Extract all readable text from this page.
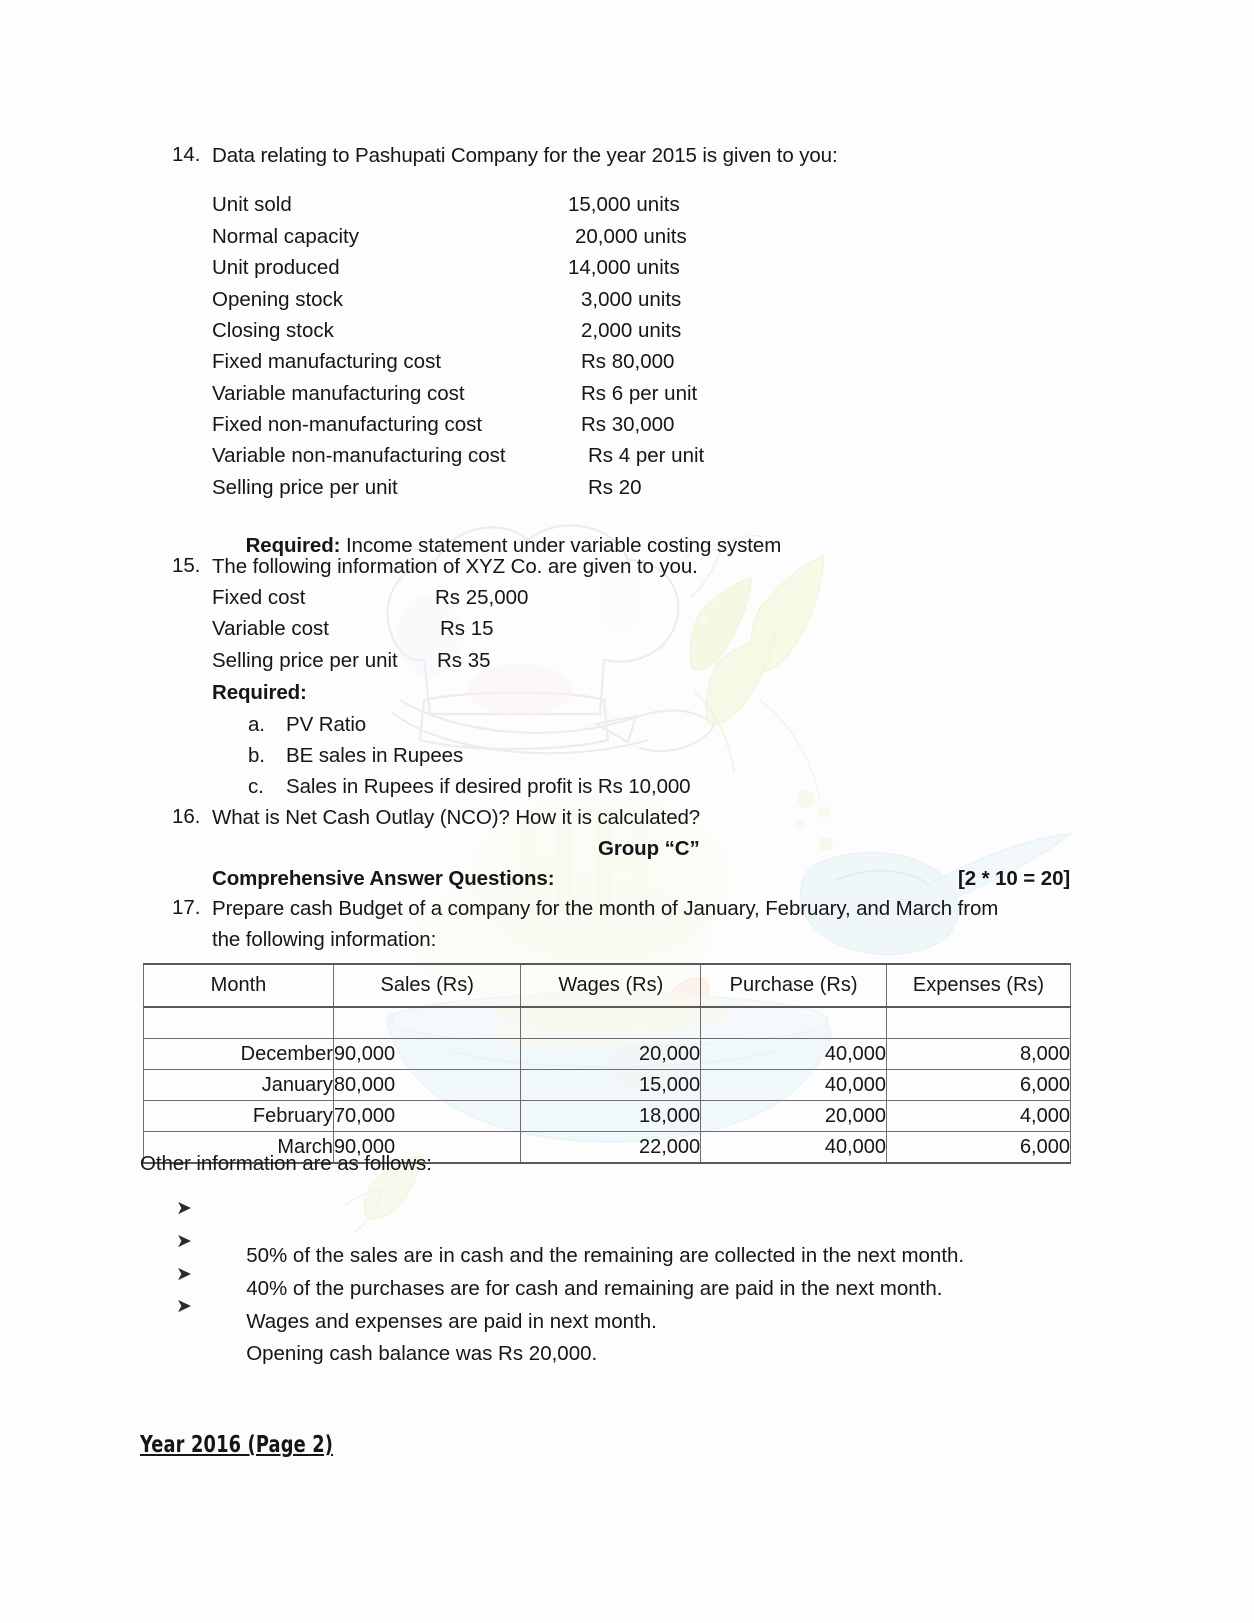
14. Data relating to Pashupati Company for the year 2015 is given to you:
Unit sold	15,000 units
Normal capacity	20,000 units
Unit produced	14,000 units
Opening stock	3,000 units
Closing stock	2,000 units
Fixed manufacturing cost	Rs 80,000
Variable manufacturing cost	Rs 6 per unit
Fixed non-manufacturing cost	Rs 30,000
Variable non-manufacturing cost	Rs 4 per unit
Selling price per unit	Rs 20

Required: Income statement under variable costing system

15. The following information of XYZ Co. are given to you.
Fixed cost	Rs 25,000
Variable cost	Rs 15
Selling price per unit Rs 35
Required:
a. PV Ratio
b. BE sales in Rupees
c. Sales in Rupees if desired profit is Rs 10,000
16. What is Net Cash Outlay (NCO)? How it is calculated?
Group “C”
Comprehensive Answer Questions:	[2 * 10 = 20]
17. Prepare cash Budget of a company for the month of January, February, and March from
the following information:
Month	Sales (Rs)	Wages (Rs)	Purchase (Rs)	Expenses (Rs)

December	90,000	20,000	40,000	8,000
January	80,000	15,000	40,000	6,000
February	70,000	18,000	20,000	4,000
March	90,000	22,000	40,000	6,000
Other information are as follows:

➤

50% of the sales are in cash and the remaining are collected in the next month.

➤

40% of the purchases are for cash and remaining are paid in the next month.

➤

Wages and expenses are paid in next month.

➤

Opening cash balance was Rs 20,000.

Year 2016 (Page 2)
